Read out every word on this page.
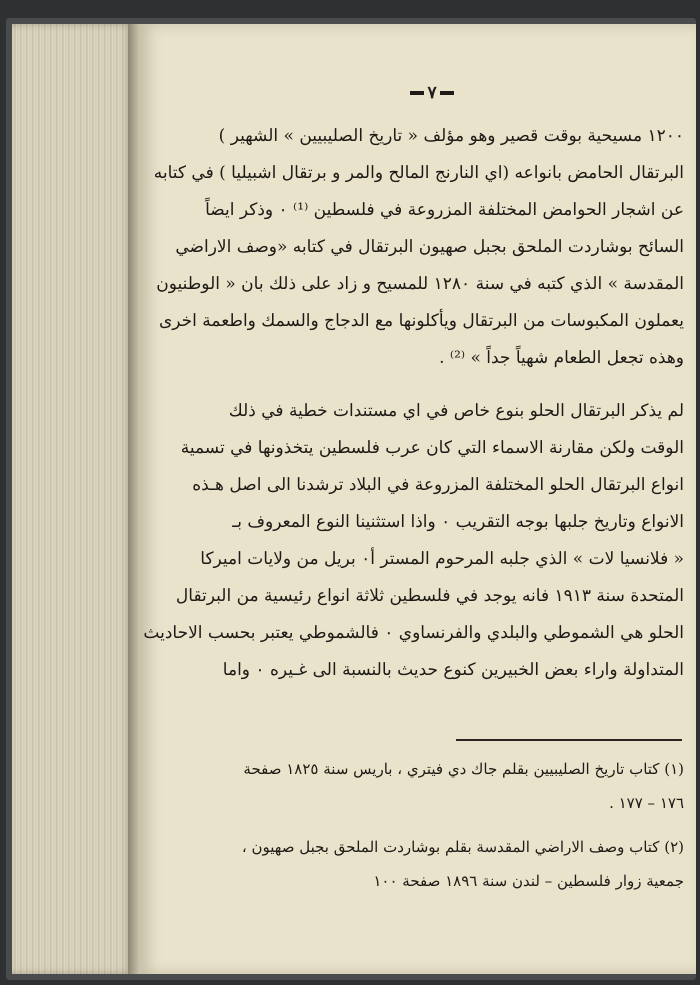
٧

١٢٠٠ مسيحية بوقت قصير وهو مؤلف « تاريخ الصليبيين » الشهير )
البرتقال الحامض بانواعه (اي النارنج المالح والمر و برتقال اشبيليا ) في كتابه
عن اشجار الحوامض المختلفة المزروعة في فلسطين ⁽¹⁾ ٠ وذكر ايضاً
السائح بوشاردت الملحق بجبل صهيون البرتقال في كتابه «وصف الاراضي
المقدسة » الذي كتبه في سنة ١٢٨٠ للمسيح و زاد على ذلك بان « الوطنيون
يعملون المكبوسات من البرتقال ويأكلونها مع الدجاج والسمك واطعمة اخرى
وهذه تجعل الطعام شهياً جداً » ⁽²⁾ .

لم يذكر البرتقال الحلو بنوع خاص في اي مستندات خطية في ذلك
الوقت ولكن مقارنة الاسماء التي كان عرب فلسطين يتخذونها في تسمية
انواع البرتقال الحلو المختلفة المزروعة في البلاد ترشدنا الى اصل هـذه
الانواع وتاريخ جلبها بوجه التقريب ٠ واذا استثنينا النوع المعروف بـ
« فلانسيا لات » الذي جلبه المرحوم المستر أ٠ بريل من ولايات اميركا
المتحدة سنة ١٩١٣ فانه يوجد في فلسطين ثلاثة انواع رئيسية من البرتقال
الحلو هي الشموطي والبلدي والفرنساوي ٠ فالشموطي يعتبر بحسب الاحاديث
المتداولة واراء بعض الخبيرين كنوع حديث بالنسبة الى غـيره ٠ واما

(١) كتاب تاريخ الصليبيين بقلم جاك دي فيتري ، باريس سنة ١٨٢٥ صفحة
١٧٦ – ١٧٧ .

(٢) كتاب وصف الاراضي المقدسة بقلم بوشاردت الملحق بجبل صهيون ،
جمعية زوار فلسطين – لندن سنة ١٨٩٦ صفحة ١٠٠
